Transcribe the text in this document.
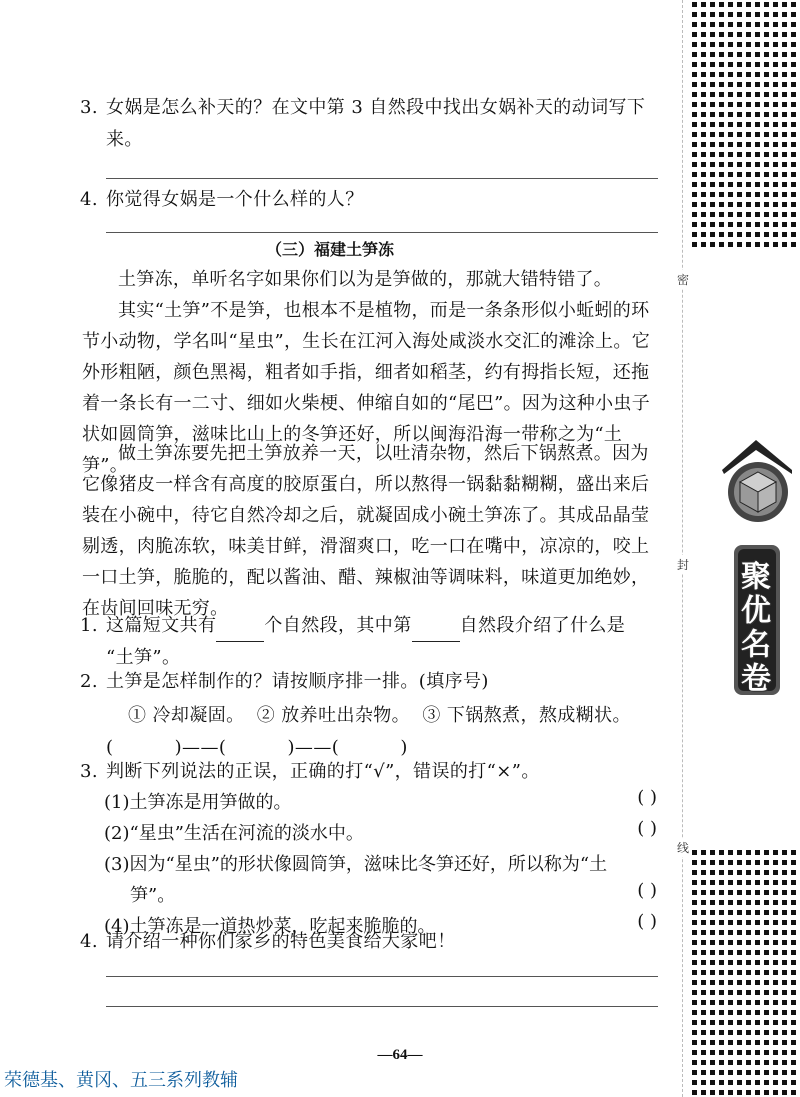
3. 女娲是怎么补天的？在文中第 3 自然段中找出女娲补天的动词写下来。
4. 你觉得女娲是一个什么样的人？
（三）福建土笋冻
土笋冻，单听名字如果你们以为是笋做的，那就大错特错了。
其实“土笋”不是笋，也根本不是植物，而是一条条形似小蚯蚓的环节小动物，学名叫“星虫”，生长在江河入海处咸淡水交汇的滩涂上。它外形粗陋，颜色黑褐，粗者如手指，细者如稻茎，约有拇指长短，还拖着一条长有一二寸、细如火柴梗、伸缩自如的“尾巴”。因为这种小虫子状如圆筒笋，滋味比山上的冬笋还好，所以闽海沿海一带称之为“土笋”。
做土笋冻要先把土笋放养一天，以吐清杂物，然后下锅熬煮。因为它像猪皮一样含有高度的胶原蛋白，所以熬得一锅黏黏糊糊，盛出来后装在小碗中，待它自然冷却之后，就凝固成小碗土笋冻了。其成品晶莹剔透，肉脆冻软，味美甘鲜，滑溜爽口，吃一口在嘴中，凉凉的，咬上一口土笋，脆脆的，配以酱油、醋、辣椒油等调味料，味道更加绝妙，在齿间回味无穷。
1. 这篇短文共有	个自然段，其中第	自然段介绍了什么是
“土笋”。
2. 土笋是怎样制作的？请按顺序排一排。(填序号)
① 冷却凝固。  ② 放养吐出杂物。  ③ 下锅熬煮，熬成糊状。
(          )——(          )——(          )
3. 判断下列说法的正误，正确的打“√”，错误的打“×”。
(1)土笋冻是用笋做的。	( )
(2)“星虫”生活在河流的淡水中。	( )
(3)因为“星虫”的形状像圆筒笋，滋味比冬笋还好，所以称为“土
笋”。	( )
(4)土笋冻是一道热炒菜，吃起来脆脆的。	( )
4. 请介绍一种你们家乡的特色美食给大家吧！
—64—
荣德基、黄冈、五三系列教辅
密
封
线
聚优名卷
